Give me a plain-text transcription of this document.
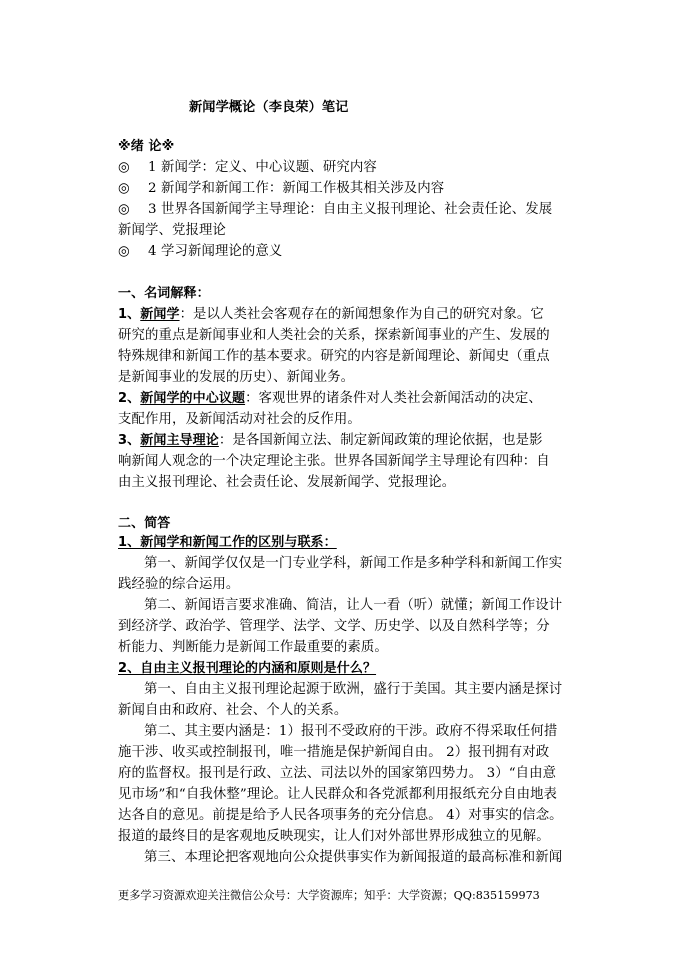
新闻学概论（李良荣）笔记
※绪 论※
◎ 1 新闻学：定义、中心议题、研究内容
◎ 2 新闻学和新闻工作：新闻工作极其相关涉及内容
◎ 3 世界各国新闻学主导理论：自由主义报刊理论、社会责任论、发展
新闻学、党报理论
◎ 4 学习新闻理论的意义
一、名词解释：
1、新闻学：是以人类社会客观存在的新闻想象作为自己的研究对象。它
研究的重点是新闻事业和人类社会的关系，探索新闻事业的产生、发展的
特殊规律和新闻工作的基本要求。研究的内容是新闻理论、新闻史（重点
是新闻事业的发展的历史）、新闻业务。
2、新闻学的中心议题：客观世界的诸条件对人类社会新闻活动的决定、
支配作用，及新闻活动对社会的反作用。
3、新闻主导理论：是各国新闻立法、制定新闻政策的理论依据，也是影
响新闻人观念的一个决定理论主张。世界各国新闻学主导理论有四种：自
由主义报刊理论、社会责任论、发展新闻学、党报理论。
二、简答
1、新闻学和新闻工作的区别与联系：
第一、新闻学仅仅是一门专业学科，新闻工作是多种学科和新闻工作实
践经验的综合运用。
第二、新闻语言要求准确、简洁，让人一看（听）就懂；新闻工作设计
到经济学、政治学、管理学、法学、文学、历史学、以及自然科学等；分
析能力、判断能力是新闻工作最重要的素质。
2、自由主义报刊理论的内涵和原则是什么？
第一、自由主义报刊理论起源于欧洲，盛行于美国。其主要内涵是探讨
新闻自由和政府、社会、个人的关系。
第二、其主要内涵是：1）报刊不受政府的干涉。政府不得采取任何措
施干涉、收买或控制报刊，唯一措施是保护新闻自由。 2）报刊拥有对政
府的监督权。报刊是行政、立法、司法以外的国家第四势力。 3）“自由意
见市场”和“自我休整”理论。让人民群众和各党派都利用报纸充分自由地表
达各自的意见。前提是给予人民各项事务的充分信息。 4）对事实的信念。
报道的最终目的是客观地反映现实，让人们对外部世界形成独立的见解。
第三、本理论把客观地向公众提供事实作为新闻报道的最高标准和新闻
更多学习资源欢迎关注微信公众号：大学资源库；知乎：大学资源；QQ:835159973
